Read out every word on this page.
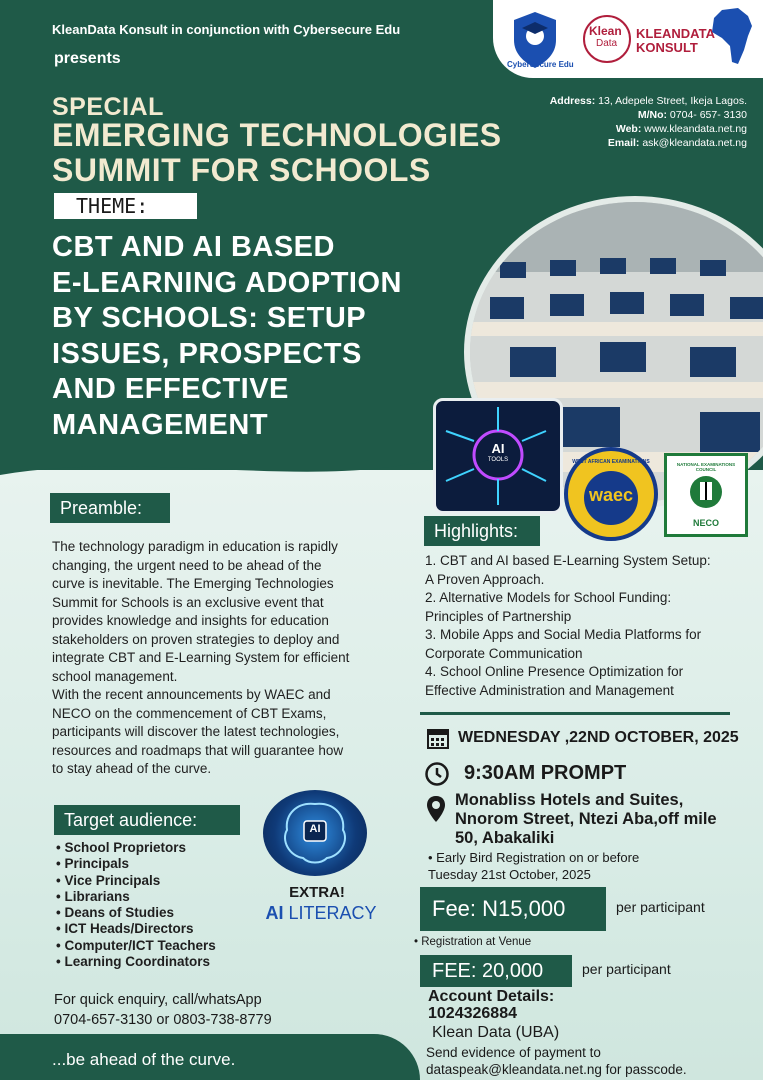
CyberSecure Edu
Klean
Data
KLEANDATA
KONSULT
KleanData Konsult in conjunction with Cybersecure Edu
presents
Address: 13, Adepele Street, Ikeja Lagos.
M/No: 0704- 657- 3130
Web: www.kleandata.net.ng
Email: ask@kleandata.net.ng
SPECIAL
EMERGING TECHNOLOGIES
SUMMIT FOR SCHOOLS
THEME:
CBT AND AI BASED
E-LEARNING ADOPTION
BY SCHOOLS: SETUP
ISSUES, PROSPECTS
AND EFFECTIVE
MANAGEMENT
AI
TOOLS	WEST AFRICAN EXAMINATIONS
waec
NATIONAL EXAMINATIONS COUNCIL
NECO
Preamble:
The technology paradigm in education is rapidly
changing, the urgent need to be ahead of the
curve is inevitable. The Emerging Technologies
Summit for Schools is an exclusive event that
provides knowledge and insights for education
stakeholders on proven strategies to deploy and
integrate CBT and E-Learning System for efficient
school management.
With the recent announcements by WAEC and
NECO on the commencement of CBT Exams,
participants will discover the latest technologies,
resources and roadmaps that will guarantee how
to stay ahead of the curve.
Highlights:
1. CBT and AI based E-Learning System Setup:
A Proven Approach.
2. Alternative Models for School Funding:
Principles of Partnership
3. Mobile Apps and Social Media Platforms for
Corporate Communication
4. School Online Presence Optimization for
Effective Administration and Management
WEDNESDAY ,22ND OCTOBER, 2025
9:30AM PROMPT
Monabliss Hotels and Suites,
Nnorom Street, Ntezi Aba,off mile
50, Abakaliki
• Early Bird Registration on or before
Tuesday 21st October, 2025
Fee: N15,000	per participant
• Registration at Venue
FEE: 20,000	per participant
Account Details:
1024326884
Klean Data (UBA)
Send evidence of payment to
dataspeak@kleandata.net.ng for passcode.
Target audience:
• School Proprietors
• Principals
• Vice Principals
• Librarians
• Deans of Studies
• ICT Heads/Directors
• Computer/ICT Teachers
• Learning Coordinators
AI
EXTRA!
AI LITERACY
For quick enquiry, call/whatsApp
0704-657-3130 or 0803-738-8779
...be ahead of the curve.
